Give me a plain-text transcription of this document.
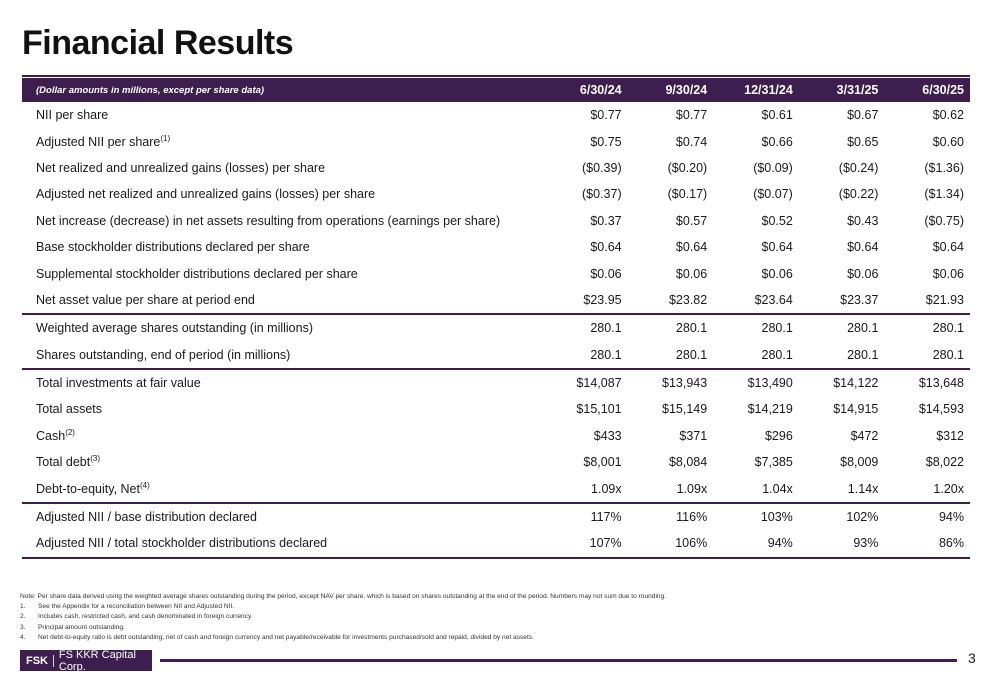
Financial Results
(Dollar amounts in millions, except per share data)	6/30/24	9/30/24	12/31/24	3/31/25	6/30/25
NII per share	$0.77	$0.77	$0.61	$0.67	$0.62
Adjusted NII per share$^{(1)}$	$0.75	$0.74	$0.66	$0.65	$0.60
Net realized and unrealized gains (losses) per share	($0.39)	($0.20)	($0.09)	($0.24)	($1.36)
Adjusted net realized and unrealized gains (losses) per share	($0.37)	($0.17)	($0.07)	($0.22)	($1.34)
Net increase (decrease) in net assets resulting from operations (earnings per share)	$0.37	$0.57	$0.52	$0.43	($0.75)
Base stockholder distributions declared per share	$0.64	$0.64	$0.64	$0.64	$0.64
Supplemental stockholder distributions declared per share	$0.06	$0.06	$0.06	$0.06	$0.06
Net asset value per share at period end	$23.95	$23.82	$23.64	$23.37	$21.93
Weighted average shares outstanding (in millions)	280.1	280.1	280.1	280.1	280.1
Shares outstanding, end of period (in millions)	280.1	280.1	280.1	280.1	280.1
Total investments at fair value	$14,087	$13,943	$13,490	$14,122	$13,648
Total assets	$15,101	$15,149	$14,219	$14,915	$14,593
Cash$^{(2)}$	$433	$371	$296	$472	$312
Total debt$^{(3)}$	$8,001	$8,084	$7,385	$8,009	$8,022
Debt-to-equity, Net$^{(4)}$	1.09x	1.09x	1.04x	1.14x	1.20x
Adjusted NII / base distribution declared	117%	116%	103%	102%	94%
Adjusted NII / total stockholder distributions declared	107%	106%	94%	93%	86%
Note: Per share data derived using the weighted average shares outstanding during the period, except NAV per share, which is based on shares outstanding at the end of the period. Numbers may not sum due to rounding.
1.	See the Appendix for a reconciliation between NII and Adjusted NII.
2.	Includes cash, restricted cash, and cash denominated in foreign currency.
3.	Principal amount outstanding.
4.	Net debt-to-equity ratio is debt outstanding, net of cash and foreign currency and net payable/receivable for investments purchased/sold and repaid, divided by net assets.
FSK FS KKR Capital Corp.
3
